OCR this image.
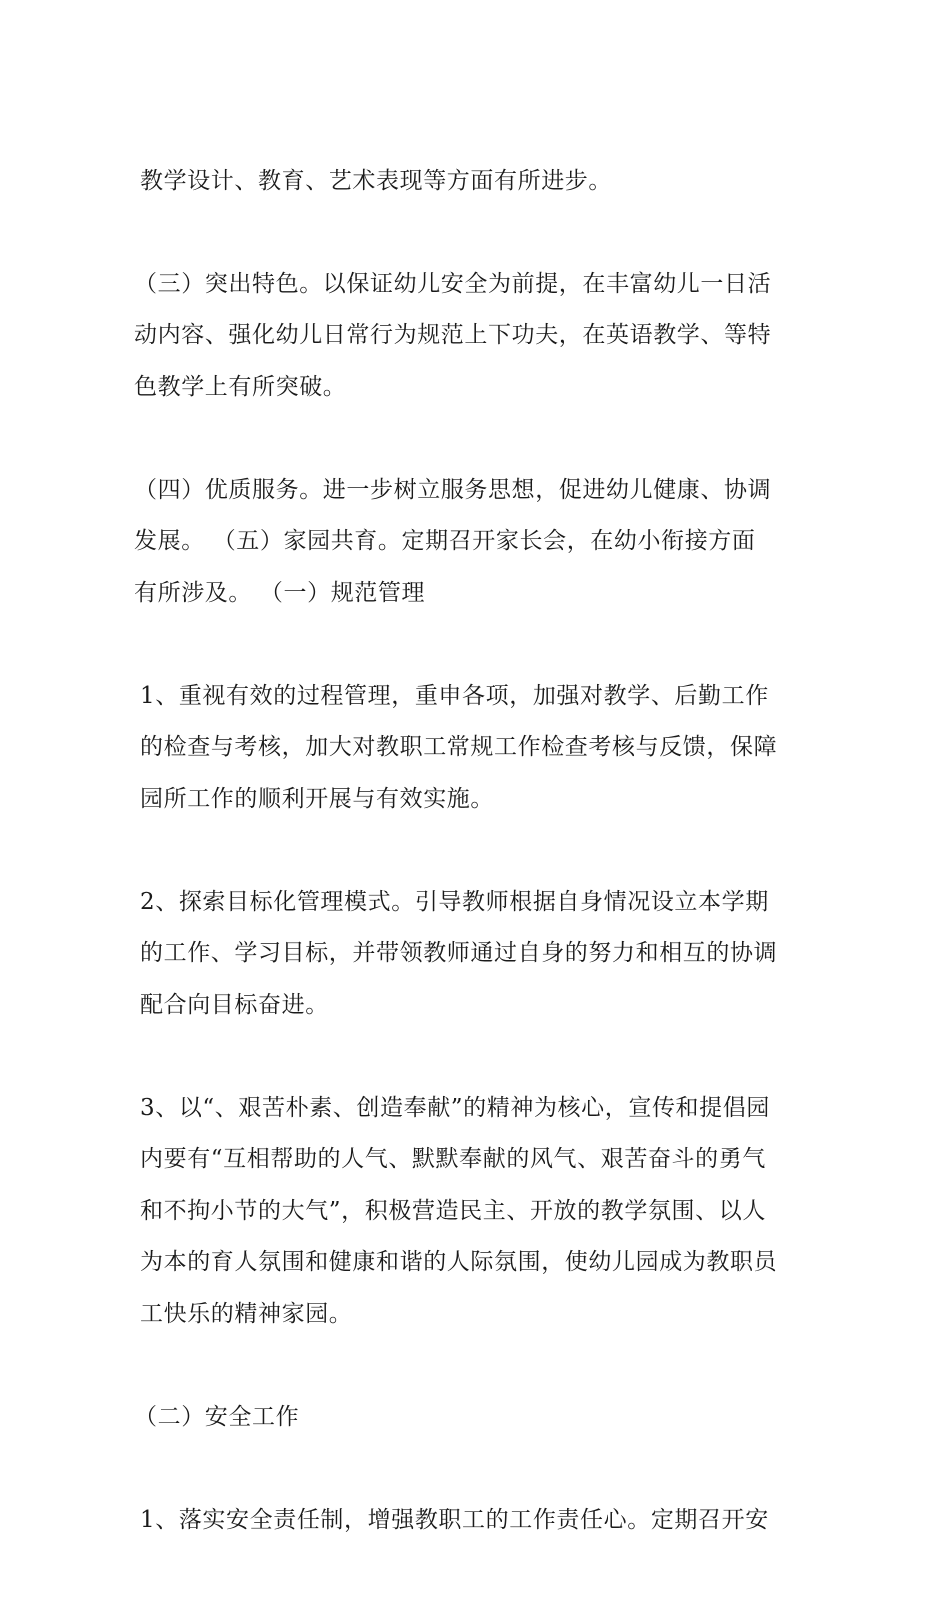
教学设计、教育、艺术表现等方面有所进步。

（三）突出特色。以保证幼儿安全为前提，在丰富幼儿一日活
动内容、强化幼儿日常行为规范上下功夫，在英语教学、等特
色教学上有所突破。

（四）优质服务。进一步树立服务思想，促进幼儿健康、协调
发展。 （五）家园共育。定期召开家长会，在幼小衔接方面
有所涉及。 （一）规范管理

1、重视有效的过程管理，重申各项，加强对教学、后勤工作
的检查与考核，加大对教职工常规工作检查考核与反馈，保障
园所工作的顺利开展与有效实施。

2、探索目标化管理模式。引导教师根据自身情况设立本学期
的工作、学习目标，并带领教师通过自身的努力和相互的协调
配合向目标奋进。

3、以“、艰苦朴素、创造奉献”的精神为核心，宣传和提倡园
内要有“互相帮助的人气、默默奉献的风气、艰苦奋斗的勇气
和不拘小节的大气”，积极营造民主、开放的教学氛围、以人
为本的育人氛围和健康和谐的人际氛围，使幼儿园成为教职员
工快乐的精神家园。

（二）安全工作

1、落实安全责任制，增强教职工的工作责任心。定期召开安
